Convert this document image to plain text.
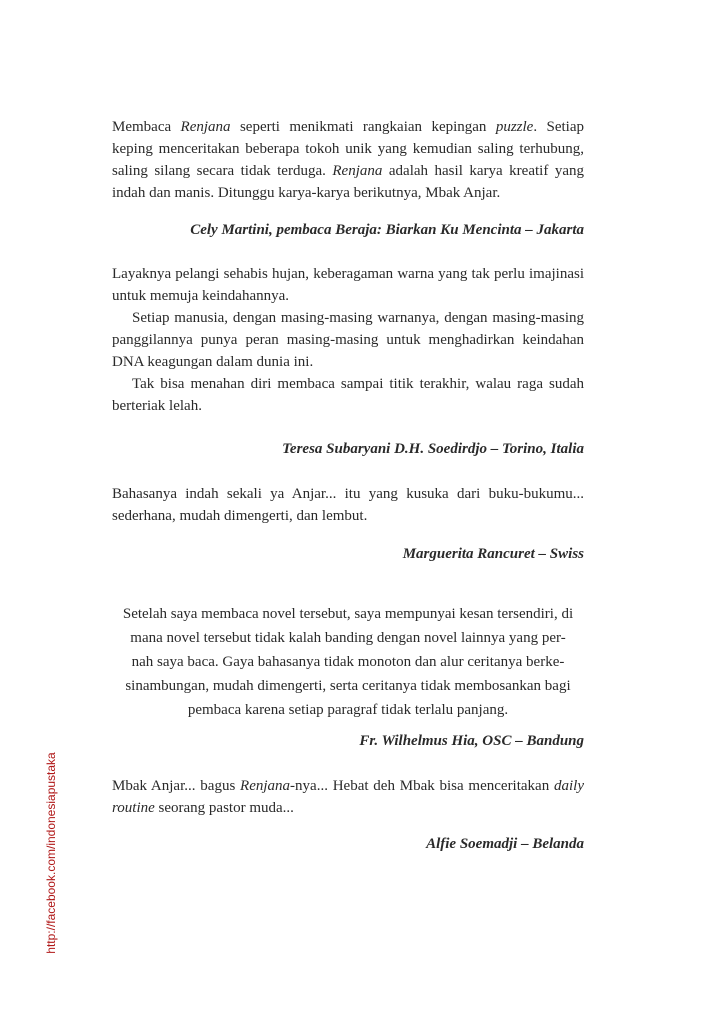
Membaca Renjana seperti menikmati rangkaian kepingan puzzle. Setiap
keping menceritakan beberapa tokoh unik yang kemudian saling terhubung,
saling silang secara tidak terduga. Renjana adalah hasil karya kreatif yang
indah dan manis. Ditunggu karya-karya berikutnya, Mbak Anjar.
Cely Martini, pembaca Beraja: Biarkan Ku Mencinta – Jakarta
Layaknya pelangi sehabis hujan, keberagaman warna yang tak perlu imajinasi
untuk memuja keindahannya.
Setiap manusia, dengan masing-masing warnanya, dengan masing-masing
panggilannya punya peran masing-masing untuk menghadirkan keindahan
DNA keagungan dalam dunia ini.
Tak bisa menahan diri membaca sampai titik terakhir, walau raga sudah
berteriak lelah.
Teresa Subaryani D.H. Soedirdjo – Torino, Italia
Bahasanya indah sekali ya Anjar... itu yang kusuka dari buku-bukumu...
sederhana, mudah dimengerti, dan lembut.
Marguerita Rancuret – Swiss
Setelah saya membaca novel tersebut, saya mempunyai kesan tersendiri, di
mana novel tersebut tidak kalah banding dengan novel lainnya yang per-
nah saya baca. Gaya bahasanya tidak monoton dan alur ceritanya berke-
sinambungan, mudah dimengerti, serta ceritanya tidak membosankan bagi
pembaca karena setiap paragraf tidak terlalu panjang.
Fr. Wilhelmus Hia, OSC – Bandung
Mbak Anjar... bagus Renjana-nya... Hebat deh Mbak bisa menceritakan daily
routine seorang pastor muda...
Alfie Soemadji – Belanda
http://facebook.com/indonesiapustaka
